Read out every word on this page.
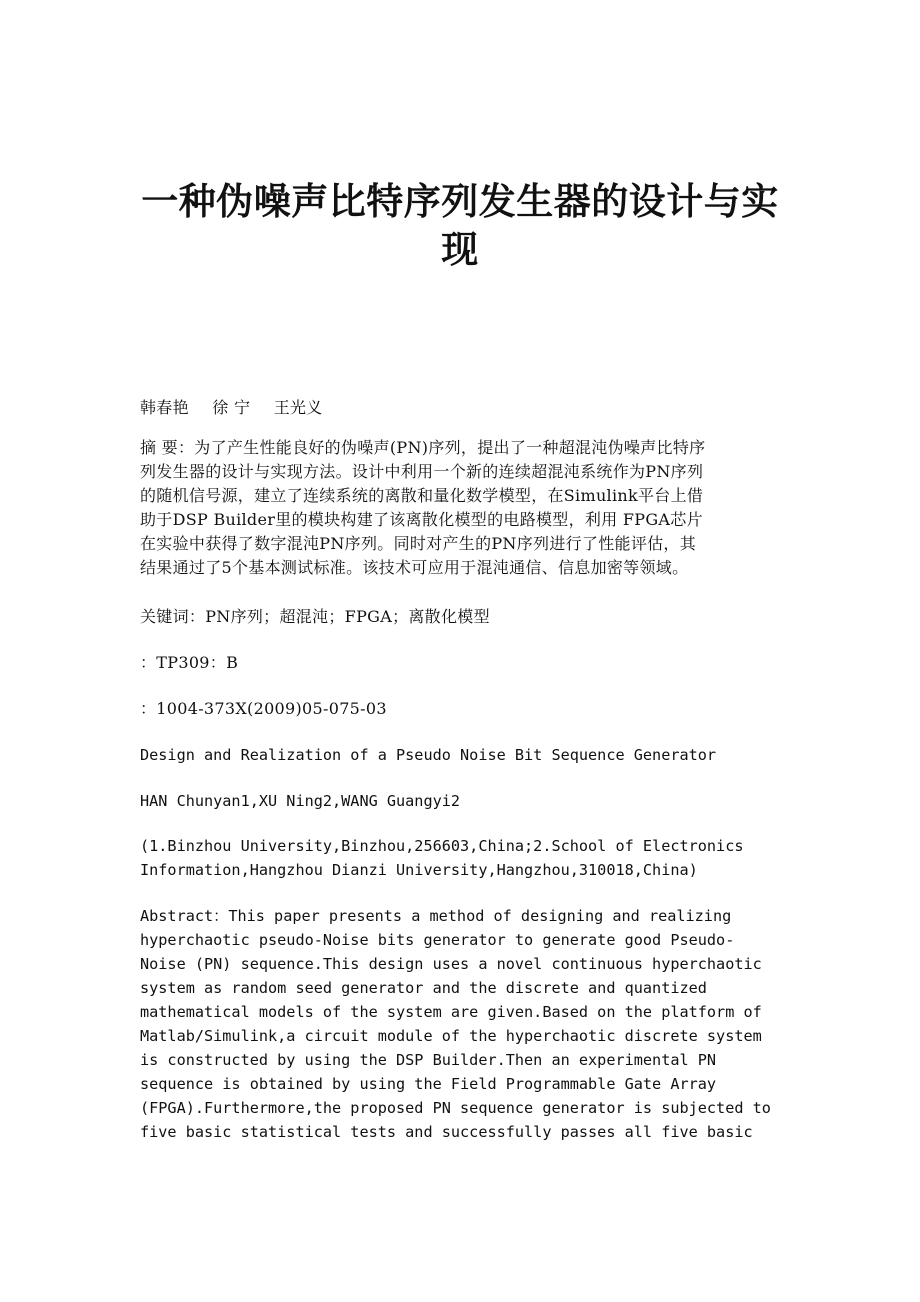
一种伪噪声比特序列发生器的设计与实
现

韩春艳 徐 宁 王光义

摘 要：为了产生性能良好的伪噪声(PN)序列，提出了一种超混沌伪噪声比特序
列发生器的设计与实现方法。设计中利用一个新的连续超混沌系统作为PN序列
的随机信号源，建立了连续系统的离散和量化数学模型，在Simulink平台上借
助于DSP Builder里的模块构建了该离散化模型的电路模型，利用 FPGA芯片
在实验中获得了数字混沌PN序列。同时对产生的PN序列进行了性能评估，其
结果通过了5个基本测试标准。该技术可应用于混沌通信、信息加密等领域。

关键词：PN序列；超混沌；FPGA；离散化模型

：TP309：B

：1004-373X(2009)05-075-03

Design and Realization of a Pseudo Noise Bit Sequence Generator

HAN Chunyan1,XU Ning2,WANG Guangyi2

(1.Binzhou University,Binzhou,256603,China;2.School of Electronics
Information,Hangzhou Dianzi University,Hangzhou,310018,China)
Abstract：This paper presents a method of designing and realizing
hyperchaotic pseudo-Noise bits generator to generate good Pseudo-
Noise (PN) sequence.This design uses a novel continuous hyperchaotic
system as random seed generator and the discrete and quantized
mathematical models of the system are given.Based on the platform of
Matlab/Simulink,a circuit module of the hyperchaotic discrete system
is constructed by using the DSP Builder.Then an experimental PN
sequence is obtained by using the Field Programmable Gate Array
(FPGA).Furthermore,the proposed PN sequence generator is subjected to
five basic statistical tests and successfully passes all five basic
